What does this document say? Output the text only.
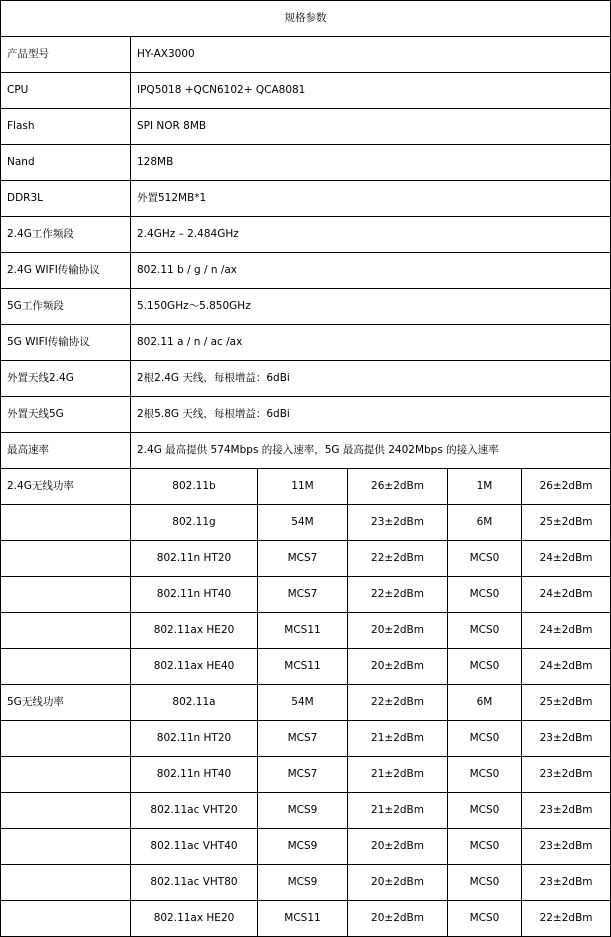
规格参数					
产品型号	HY-AX3000				
CPU	IPQ5018 +QCN6102+ QCA8081				
Flash	SPI NOR 8MB				
Nand	128MB				
DDR3L	外置512MB*1				
2.4G工作频段	2.4GHz – 2.484GHz				
2.4G WIFI传输协议	802.11 b / g / n /ax				
5G工作频段	5.150GHz～5.850GHz				
5G WIFI传输协议	802.11 a / n / ac /ax				
外置天线2.4G	2根2.4G 天线，每根增益：6dBi				
外置天线5G	2根5.8G 天线，每根增益：6dBi				
最高速率	2.4G 最高提供 574Mbps 的接入速率，5G 最高提供 2402Mbps 的接入速率				
2.4G无线功率	802.11b	11M	26±2dBm	1M	26±2dBm
	802.11g	54M	23±2dBm	6M	25±2dBm
	802.11n HT20	MCS7	22±2dBm	MCS0	24±2dBm
	802.11n HT40	MCS7	22±2dBm	MCS0	24±2dBm
	802.11ax HE20	MCS11	20±2dBm	MCS0	24±2dBm
	802.11ax HE40	MCS11	20±2dBm	MCS0	24±2dBm
5G无线功率	802.11a	54M	22±2dBm	6M	25±2dBm
	802.11n HT20	MCS7	21±2dBm	MCS0	23±2dBm
	802.11n HT40	MCS7	21±2dBm	MCS0	23±2dBm
	802.11ac VHT20	MCS9	21±2dBm	MCS0	23±2dBm
	802.11ac VHT40	MCS9	20±2dBm	MCS0	23±2dBm
	802.11ac VHT80	MCS9	20±2dBm	MCS0	23±2dBm
	802.11ax HE20	MCS11	20±2dBm	MCS0	22±2dBm
